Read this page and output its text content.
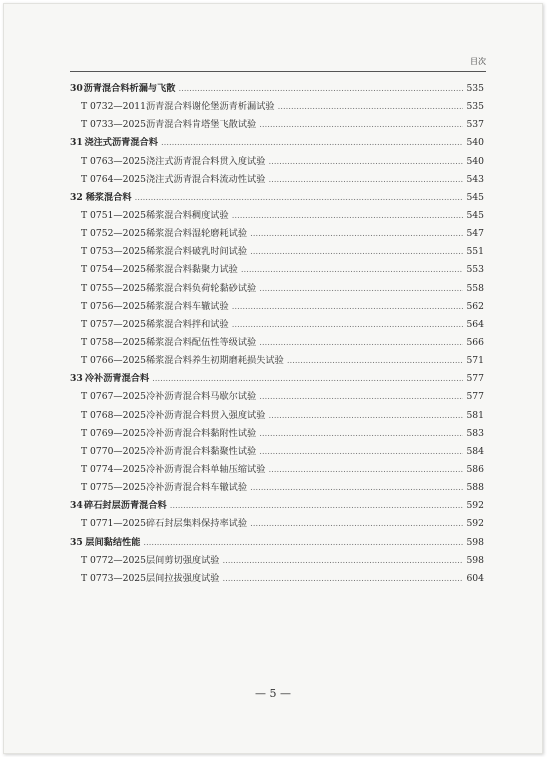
目次
30 沥青混合料析漏与飞散 ……………………………………………………………………………………………………………………………………………………………………………………	535
T 0732—2011 沥青混合料谢伦堡沥青析漏试验 ……………………………………………………………………………………………………………………………………………………………………………………	535
T 0733—2025 沥青混合料肯塔堡飞散试验 ……………………………………………………………………………………………………………………………………………………………………………………	537
31 浇注式沥青混合料 ……………………………………………………………………………………………………………………………………………………………………………………	540
T 0763—2025 浇注式沥青混合料贯入度试验 ……………………………………………………………………………………………………………………………………………………………………………………	540
T 0764—2025 浇注式沥青混合料流动性试验 ……………………………………………………………………………………………………………………………………………………………………………………	543
32 稀浆混合料 ……………………………………………………………………………………………………………………………………………………………………………………	545
T 0751—2025 稀浆混合料稠度试验 ……………………………………………………………………………………………………………………………………………………………………………………	545
T 0752—2025 稀浆混合料湿轮磨耗试验 ……………………………………………………………………………………………………………………………………………………………………………………	547
T 0753—2025 稀浆混合料破乳时间试验 ……………………………………………………………………………………………………………………………………………………………………………………	551
T 0754—2025 稀浆混合料黏聚力试验 ……………………………………………………………………………………………………………………………………………………………………………………	553
T 0755—2025 稀浆混合料负荷轮黏砂试验 ……………………………………………………………………………………………………………………………………………………………………………………	558
T 0756—2025 稀浆混合料车辙试验 ……………………………………………………………………………………………………………………………………………………………………………………	562
T 0757—2025 稀浆混合料拌和试验 ……………………………………………………………………………………………………………………………………………………………………………………	564
T 0758—2025 稀浆混合料配伍性等级试验 ……………………………………………………………………………………………………………………………………………………………………………………	566
T 0766—2025 稀浆混合料养生初期磨耗损失试验 ……………………………………………………………………………………………………………………………………………………………………………………	571
33 冷补沥青混合料 ……………………………………………………………………………………………………………………………………………………………………………………	577
T 0767—2025 冷补沥青混合料马歇尔试验 ……………………………………………………………………………………………………………………………………………………………………………………	577
T 0768—2025 冷补沥青混合料贯入强度试验 ……………………………………………………………………………………………………………………………………………………………………………………	581
T 0769—2025 冷补沥青混合料黏附性试验 ……………………………………………………………………………………………………………………………………………………………………………………	583
T 0770—2025 冷补沥青混合料黏聚性试验 ……………………………………………………………………………………………………………………………………………………………………………………	584
T 0774—2025 冷补沥青混合料单轴压缩试验 ……………………………………………………………………………………………………………………………………………………………………………………	586
T 0775—2025 冷补沥青混合料车辙试验 ……………………………………………………………………………………………………………………………………………………………………………………	588
34 碎石封层沥青混合料 ……………………………………………………………………………………………………………………………………………………………………………………	592
T 0771—2025 碎石封层集料保持率试验 ……………………………………………………………………………………………………………………………………………………………………………………	592
35 层间黏结性能 ……………………………………………………………………………………………………………………………………………………………………………………	598
T 0772—2025 层间剪切强度试验 ……………………………………………………………………………………………………………………………………………………………………………………	598
T 0773—2025 层间拉拔强度试验 ……………………………………………………………………………………………………………………………………………………………………………………	604
— 5 —
